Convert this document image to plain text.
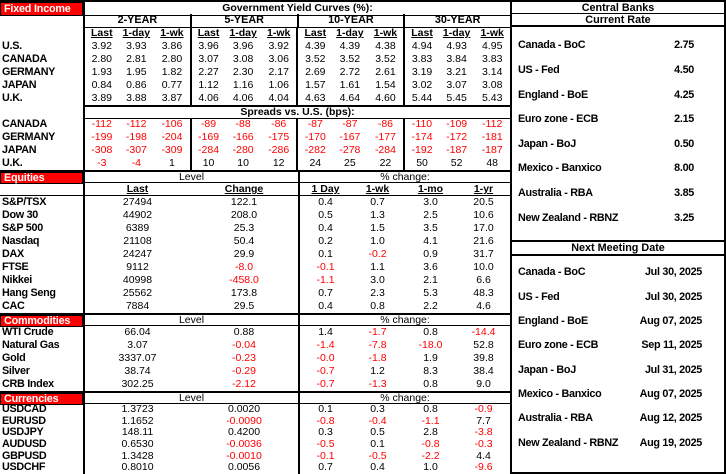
Fixed Income	Government Yield Curves (%):
2-YEAR	5-YEAR	10-YEAR	30-YEAR
Last 1-day 1-wk	Last 1-day 1-wk	Last 1-day 1-wk	Last 1-day 1-wk
U.S.	3.92	3.93	3.86	3.96	3.96	3.92	4.39	4.39	4.38	4.94	4.93	4.95
CANADA	2.80	2.81	2.80	3.07	3.08	3.06	3.52	3.52	3.52	3.83	3.84	3.83
GERMANY	1.93	1.95	1.82	2.27	2.30	2.17	2.69	2.72	2.61	3.19	3.21	3.14
JAPAN	0.84	0.86	0.77	1.12	1.16	1.06	1.57	1.61	1.54	3.02	3.07	3.08
U.K.	3.89	3.88	3.87	4.06	4.06	4.04	4.63	4.64	4.60	5.44	5.45	5.43
Spreads vs. U.S. (bps):
CANADA	-112	-112	-106	-89	-88	-86	-87	-87	-86	-110	-109	-112
GERMANY	-199	-198	-204	-169	-166	-175	-170	-167	-177	-174	-172	-181
JAPAN	-308	-307	-309	-284	-280	-286	-282	-278	-284	-192	-187	-187
U.K.	-3	-4	1	10	10	12	24	25	22	50	52	48
Equities	Level	% change:
Last	Change	1 Day	1-wk	1-mo	1-yr
S&P/TSX	27494	122.1	0.4	0.7	3.0	20.5
Dow 30	44902	208.0	0.5	1.3	2.5	10.6
S&P 500	6389	25.3	0.4	1.5	3.5	17.0
Nasdaq	21108	50.4	0.2	1.0	4.1	21.6
DAX	24247	29.9	0.1	-0.2	0.9	31.7
FTSE	9112	-8.0	-0.1	1.1	3.6	10.0
Nikkei	40998	-458.0	-1.1	3.0	2.1	6.6
Hang Seng	25562	173.8	0.7	2.3	5.3	48.3
CAC	7884	29.5	0.4	0.8	2.2	4.6
Commodities	Level	% change:
WTI Crude	66.04	0.88	1.4	-1.7	0.8	-14.4
Natural Gas	3.07	-0.04	-1.4	-7.8	-18.0	52.8
Gold	3337.07	-0.23	-0.0	-1.8	1.9	39.8
Silver	38.74	-0.29	-0.7	1.2	8.3	38.4
CRB Index	302.25	-2.12	-0.7	-1.3	0.8	9.0
Currencies	Level	% change:
USDCAD	1.3723	0.0020	0.1	0.3	0.8	-0.9
EURUSD	1.1652	-0.0090	-0.8	-0.4	-1.1	7.7
USDJPY	148.11	0.4200	0.3	0.5	2.8	-3.8
AUDUSD	0.6530	-0.0036	-0.5	0.1	-0.8	-0.3
GBPUSD	1.3428	-0.0010	-0.1	-0.5	-2.2	4.4
USDCHF	0.8010	0.0056	0.7	0.4	1.0	-9.6
Central Banks
Current Rate
Canada - BoC	2.75
US - Fed	4.50
England - BoE	4.25
Euro zone - ECB	2.15
Japan - BoJ	0.50
Mexico - Banxico	8.00
Australia - RBA	3.85
New Zealand - RBNZ	3.25
Next Meeting Date
Canada - BoC	Jul 30, 2025
US - Fed	Jul 30, 2025
England - BoE	Aug 07, 2025
Euro zone - ECB	Sep 11, 2025
Japan - BoJ	Jul 31, 2025
Mexico - Banxico	Aug 07, 2025
Australia - RBA	Aug 12, 2025
New Zealand - RBNZ Aug 19, 2025
